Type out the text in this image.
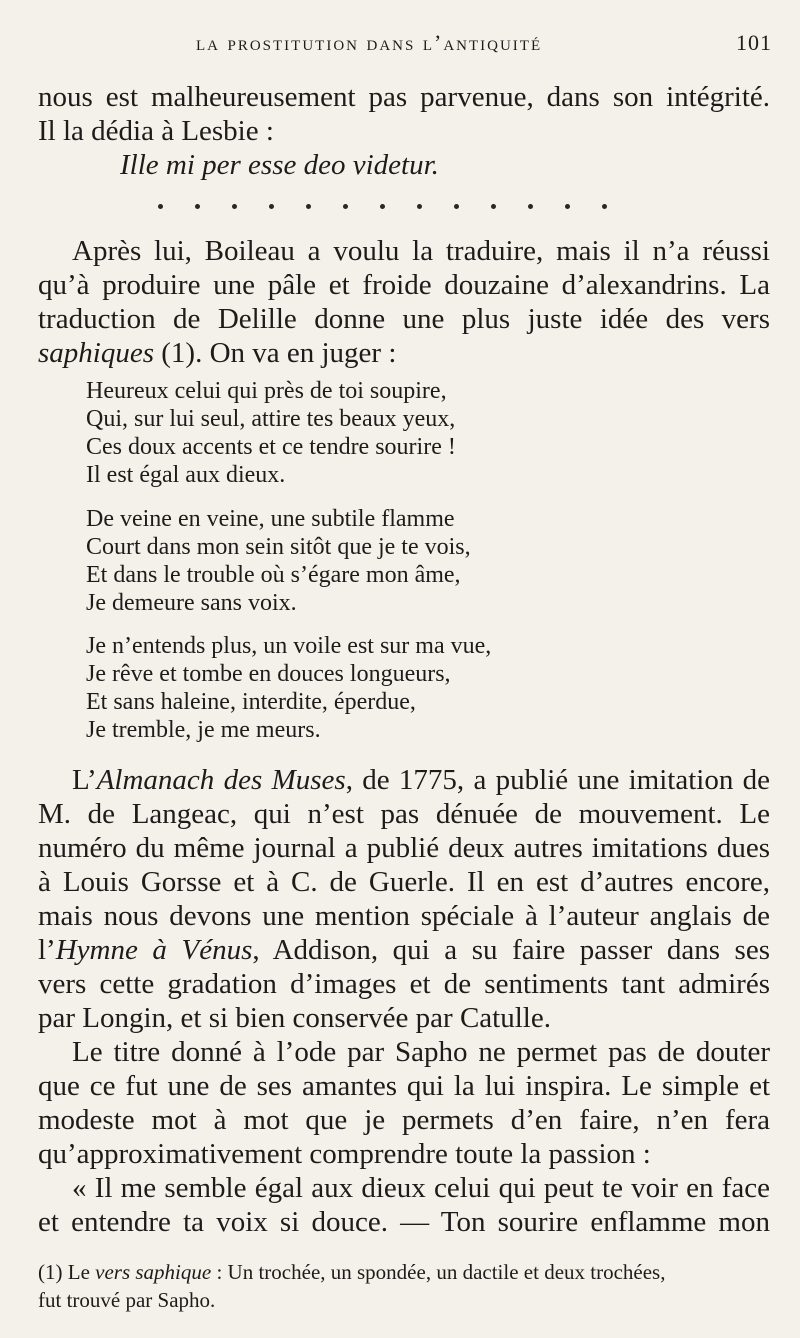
la prostitution dans l’antiquité	101
nous est malheureusement pas parvenue, dans son intégrité.
Il la dédia à Lesbie :
Ille mi per esse deo videtur.
Après lui, Boileau a voulu la traduire, mais il n’a réussi
qu’à produire une pâle et froide douzaine d’alexandrins. La
traduction de Delille donne une plus juste idée des vers
saphiques (1). On va en juger :
Heureux celui qui près de toi soupire,
Qui, sur lui seul, attire tes beaux yeux,
Ces doux accents et ce tendre sourire !
Il est égal aux dieux.
De veine en veine, une subtile flamme
Court dans mon sein sitôt que je te vois,
Et dans le trouble où s’égare mon âme,
Je demeure sans voix.
Je n’entends plus, un voile est sur ma vue,
Je rêve et tombe en douces longueurs,
Et sans haleine, interdite, éperdue,
Je tremble, je me meurs.
L’Almanach des Muses, de 1775, a publié une imitation de
M. de Langeac, qui n’est pas dénuée de mouvement. Le
numéro du même journal a publié deux autres imitations dues
à Louis Gorsse et à C. de Guerle. Il en est d’autres encore,
mais nous devons une mention spéciale à l’auteur anglais de
l’Hymne à Vénus, Addison, qui a su faire passer dans ses
vers cette gradation d’images et de sentiments tant admirés
par Longin, et si bien conservée par Catulle.
Le titre donné à l’ode par Sapho ne permet pas de douter
que ce fut une de ses amantes qui la lui inspira. Le simple et
modeste mot à mot que je permets d’en faire, n’en fera
qu’approximativement comprendre toute la passion :
« Il me semble égal aux dieux celui qui peut te voir en face
et entendre ta voix si douce. — Ton sourire enflamme mon
(1) Le vers saphique : Un trochée, un spondée, un dactile et deux trochées,
fut trouvé par Sapho.
